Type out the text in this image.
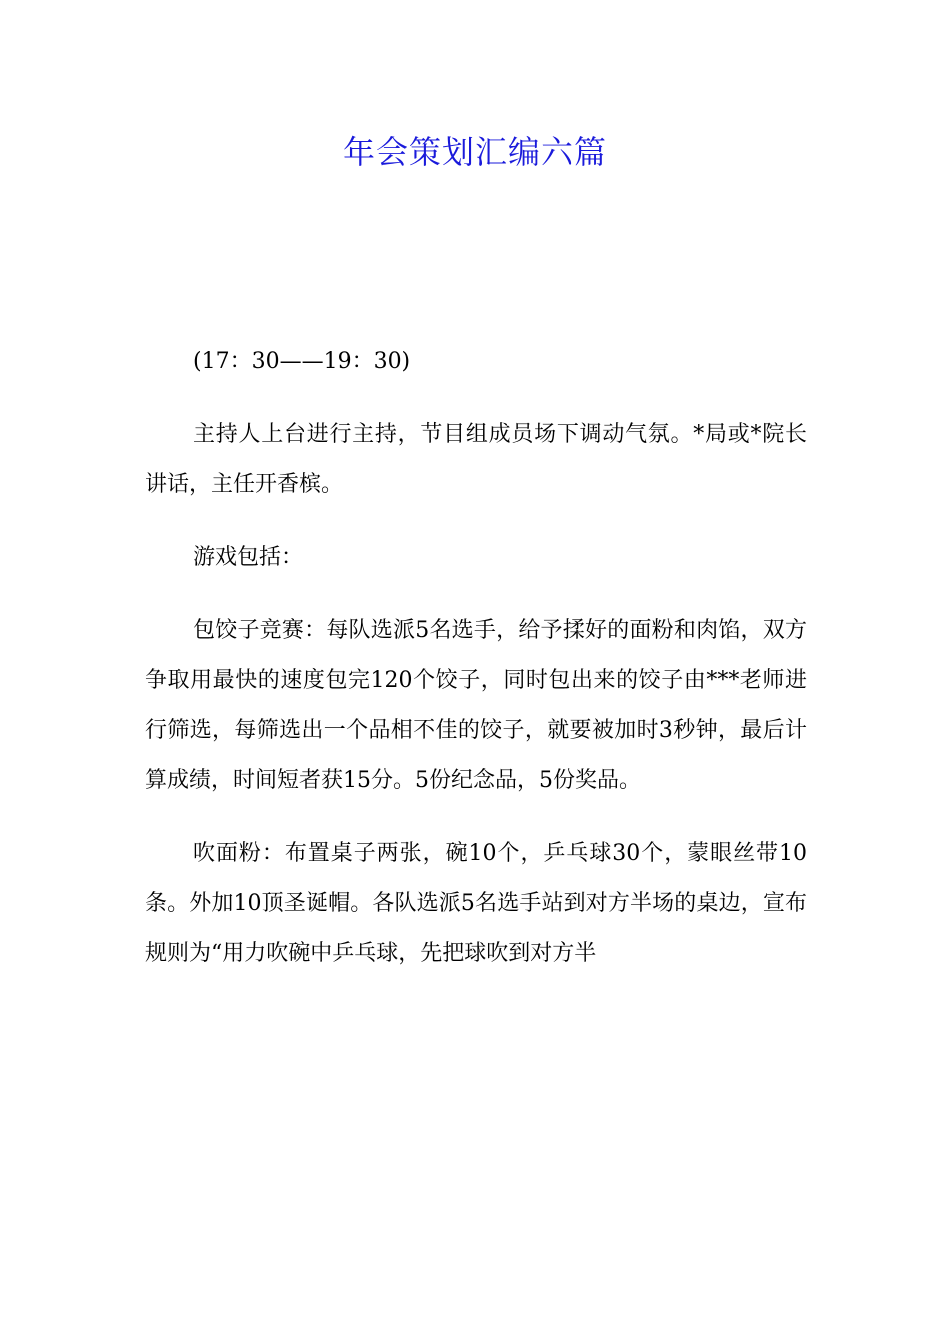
年会策划汇编六篇

(17：30——19：30)

主持人上台进行主持，节目组成员场下调动气氛。*局或*院长讲话，主任开香槟。

游戏包括：

包饺子竞赛：每队选派5名选手，给予揉好的面粉和肉馅，双方争取用最快的速度包完120个饺子，同时包出来的饺子由***老师进行筛选，每筛选出一个品相不佳的饺子，就要被加时3秒钟，最后计算成绩，时间短者获15分。5份纪念品，5份奖品。

吹面粉：布置桌子两张，碗10个，乒乓球30个，蒙眼丝带10条。外加10顶圣诞帽。各队选派5名选手站到对方半场的桌边，宣布规则为“用力吹碗中乒乓球，先把球吹到对方半
